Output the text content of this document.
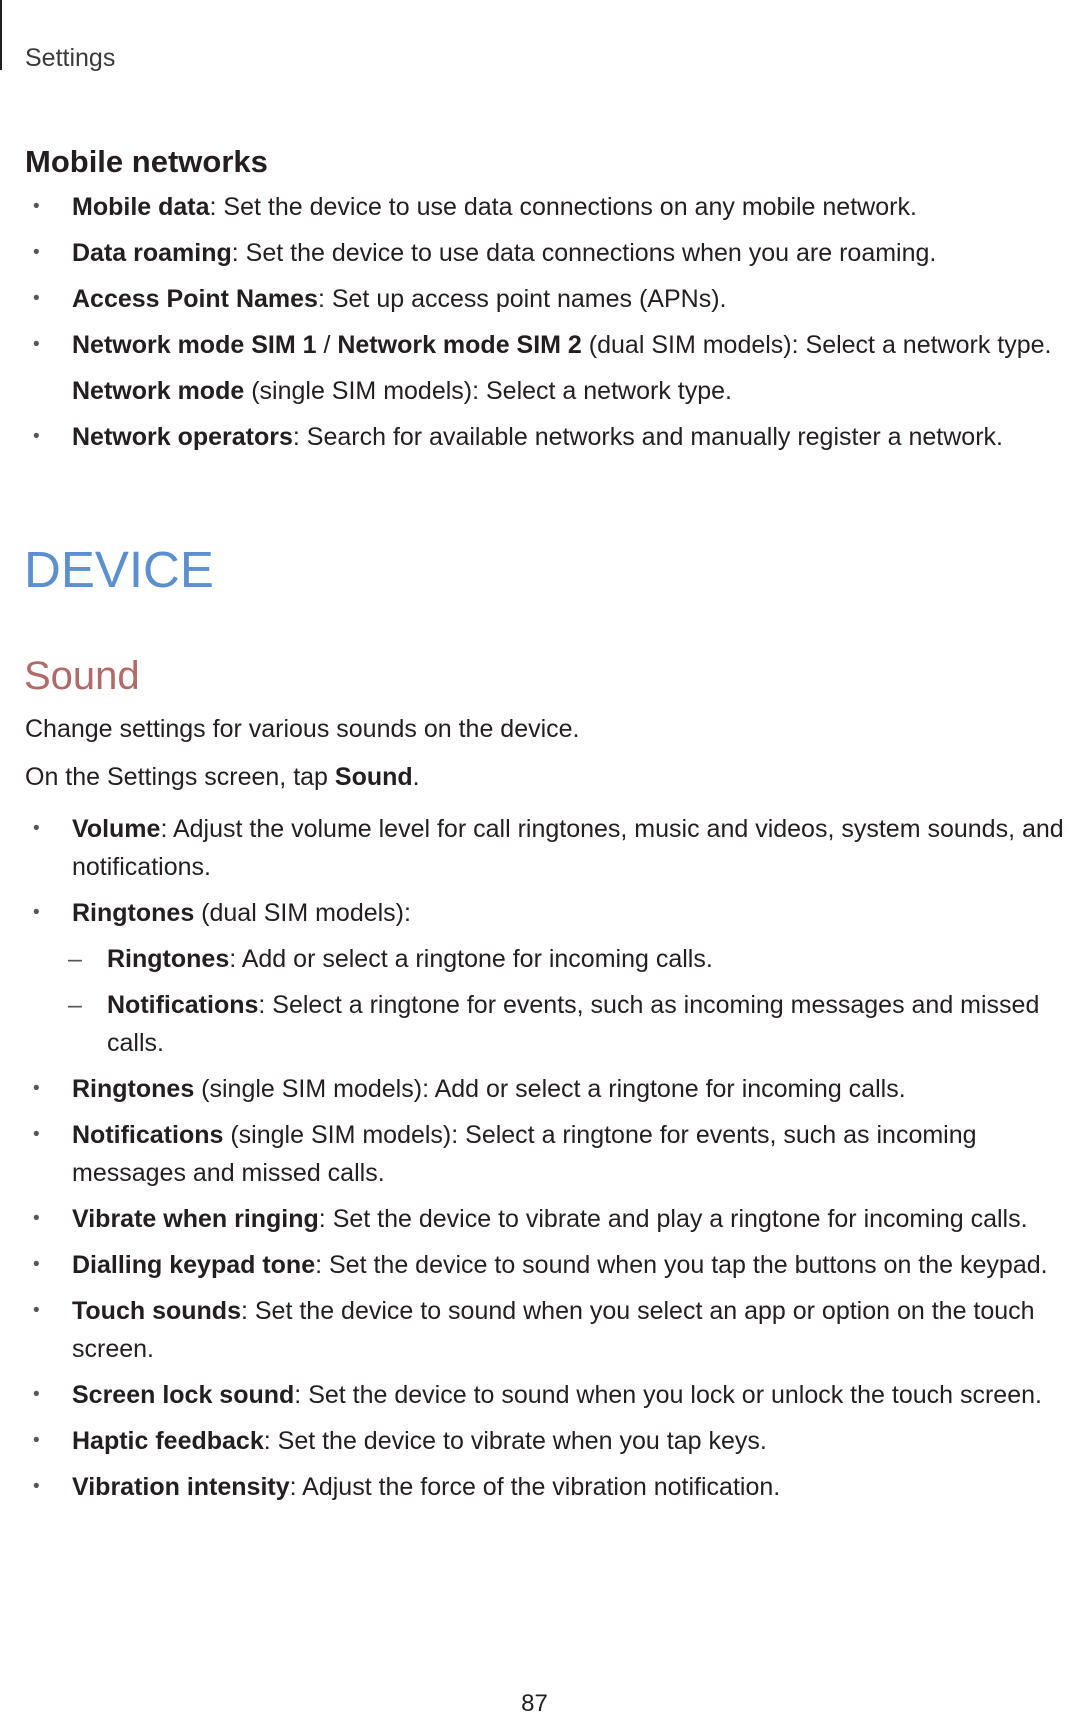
Settings
Mobile networks
• Mobile data: Set the device to use data connections on any mobile network.
• Data roaming: Set the device to use data connections when you are roaming.
• Access Point Names: Set up access point names (APNs).
• Network mode SIM 1 / Network mode SIM 2 (dual SIM models): Select a network type.
Network mode (single SIM models): Select a network type.
• Network operators: Search for available networks and manually register a network.
DEVICE
Sound
Change settings for various sounds on the device.
On the Settings screen, tap Sound.
• Volume: Adjust the volume level for call ringtones, music and videos, system sounds, and notifications.
• Ringtones (dual SIM models):
– Ringtones: Add or select a ringtone for incoming calls.
– Notifications: Select a ringtone for events, such as incoming messages and missed calls.
• Ringtones (single SIM models): Add or select a ringtone for incoming calls.
• Notifications (single SIM models): Select a ringtone for events, such as incoming messages and missed calls.
• Vibrate when ringing: Set the device to vibrate and play a ringtone for incoming calls.
• Dialling keypad tone: Set the device to sound when you tap the buttons on the keypad.
• Touch sounds: Set the device to sound when you select an app or option on the touch screen.
• Screen lock sound: Set the device to sound when you lock or unlock the touch screen.
• Haptic feedback: Set the device to vibrate when you tap keys.
• Vibration intensity: Adjust the force of the vibration notification.
87
